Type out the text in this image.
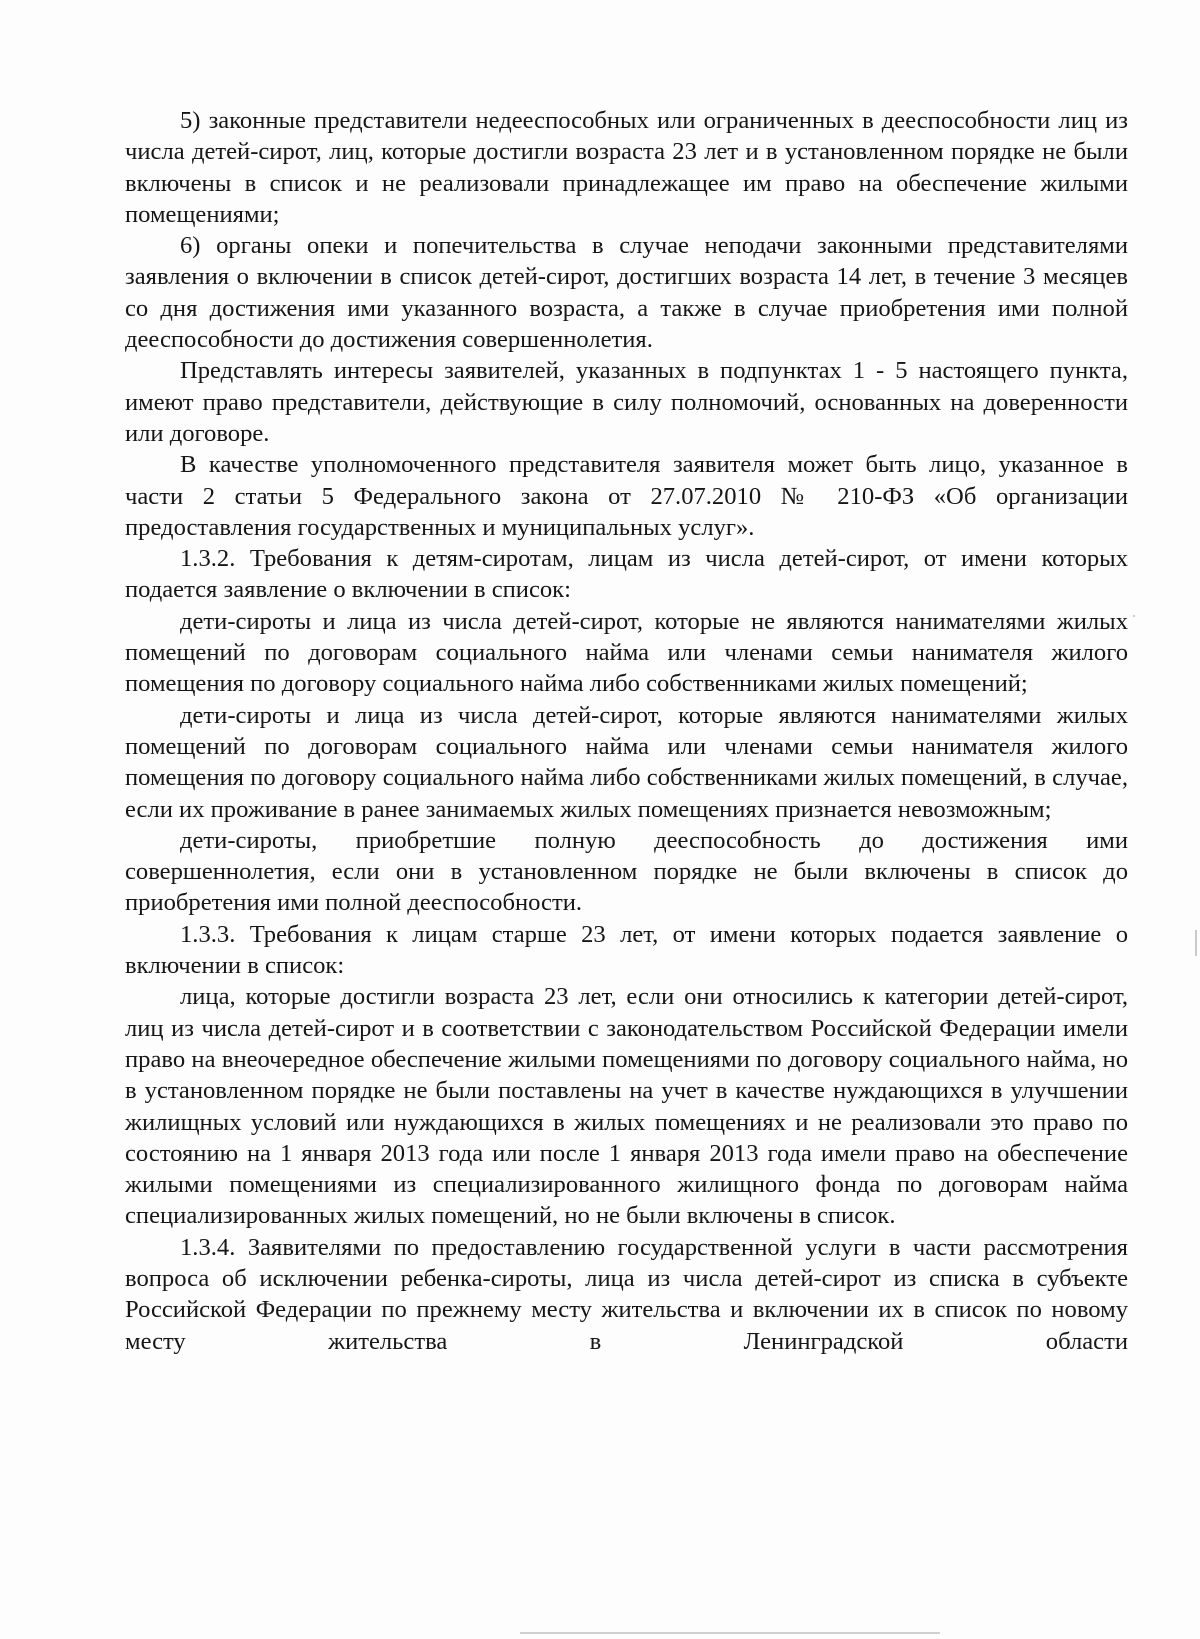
5) законные представители недееспособных или ограниченных в дееспособности лиц из числа детей-сирот, лиц, которые достигли возраста 23 лет и в установленном порядке не были включены в список и не реализовали принадлежащее им право на обеспечение жилыми помещениями;

6) органы опеки и попечительства в случае неподачи законными представителями заявления о включении в список детей-сирот, достигших возраста 14 лет, в течение 3 месяцев со дня достижения ими указанного возраста, а также в случае приобретения ими полной дееспособности до достижения совершеннолетия.

Представлять интересы заявителей, указанных в подпунктах 1 - 5 настоящего пункта, имеют право представители, действующие в силу полномочий, основанных на доверенности или договоре.

В качестве уполномоченного представителя заявителя может быть лицо, указанное в части 2 статьи 5 Федерального закона от 27.07.2010 № 210-ФЗ «Об организации предоставления государственных и муниципальных услуг».

1.3.2. Требования к детям-сиротам, лицам из числа детей-сирот, от имени которых подается заявление о включении в список:

дети-сироты и лица из числа детей-сирот, которые не являются нанимателями жилых помещений по договорам социального найма или членами семьи нанимателя жилого помещения по договору социального найма либо собственниками жилых помещений;

дети-сироты и лица из числа детей-сирот, которые являются нанимателями жилых помещений по договорам социального найма или членами семьи нанимателя жилого помещения по договору социального найма либо собственниками жилых помещений, в случае, если их проживание в ранее занимаемых жилых помещениях признается невозможным;

дети-сироты, приобретшие полную дееспособность до достижения ими совершеннолетия, если они в установленном порядке не были включены в список до приобретения ими полной дееспособности.

1.3.3. Требования к лицам старше 23 лет, от имени которых подается заявление о включении в список:

лица, которые достигли возраста 23 лет, если они относились к категории детей-сирот, лиц из числа детей-сирот и в соответствии с законодательством Российской Федерации имели право на внеочередное обеспечение жилыми помещениями по договору социального найма, но в установленном порядке не были поставлены на учет в качестве нуждающихся в улучшении жилищных условий или нуждающихся в жилых помещениях и не реализовали это право по состоянию на 1 января 2013 года или после 1 января 2013 года имели право на обеспечение жилыми помещениями из специализированного жилищного фонда по договорам найма специализированных жилых помещений, но не были включены в список.

1.3.4. Заявителями по предоставлению государственной услуги в части рассмотрения вопроса об исключении ребенка-сироты, лица из числа детей-сирот из списка в субъекте Российской Федерации по прежнему месту жительства и включении их в список по новому месту жительства в Ленинградской области
